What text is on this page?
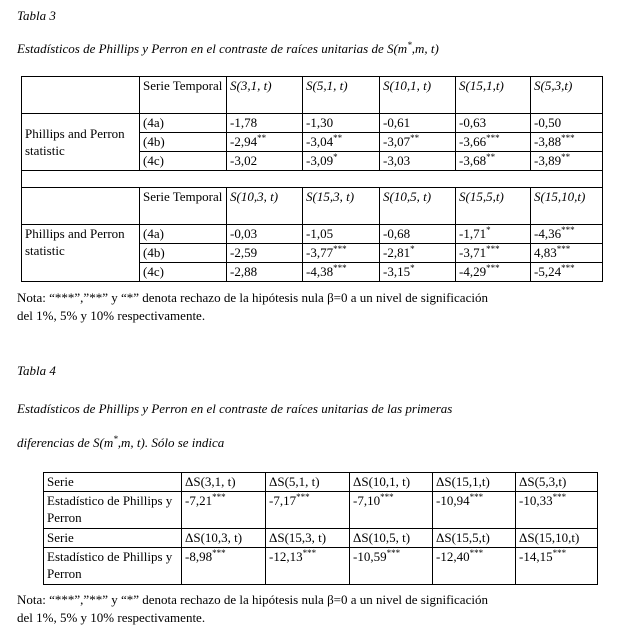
Tabla 3
Estadísticos de Phillips y Perron en el contraste de raíces unitarias de S(m*,m, t)
	Serie Temporal	S(3,1, t)	S(5,1, t)	S(10,1, t)	S(15,1,t)	S(5,3,t)
Phillips and Perron statistic	(4a)	-1,78	-1,30	-0,61	-0,63	-0,50
	(4b)	-2,94**	-3,04**	-3,07**	-3,66***	-3,88***
	(4c)	-3,02	-3,09*	-3,03	-3,68**	-3,89**

	Serie Temporal	S(10,3, t)	S(15,3, t)	S(10,5, t)	S(15,5,t)	S(15,10,t)
Phillips and Perron statistic	(4a)	-0,03	-1,05	-0,68	-1,71*	-4,36***
	(4b)	-2,59	-3,77***	-2,81*	-3,71***	4,83***
	(4c)	-2,88	-4,38***	-3,15*	-4,29***	-5,24***
Nota: “***”,”**” y “*” denota rechazo de la hipótesis nula β=0 a un nivel de significación
del 1%, 5% y 10% respectivamente.
Tabla 4
Estadísticos de Phillips y Perron en el contraste de raíces unitarias de las primeras
diferencias de S(m*,m, t). Sólo se indica
Serie	ΔS(3,1, t)	ΔS(5,1, t)	ΔS(10,1, t)	ΔS(15,1,t)	ΔS(5,3,t)
Estadístico de Phillips y Perron	-7,21***	-7,17***	-7,10***	-10,94***	-10,33***
Serie	ΔS(10,3, t)	ΔS(15,3, t)	ΔS(10,5, t)	ΔS(15,5,t)	ΔS(15,10,t)
Estadístico de Phillips y Perron	-8,98***	-12,13***	-10,59***	-12,40***	-14,15***
Nota: “***”,”**” y “*” denota rechazo de la hipótesis nula β=0 a un nivel de significación
del 1%, 5% y 10% respectivamente.
